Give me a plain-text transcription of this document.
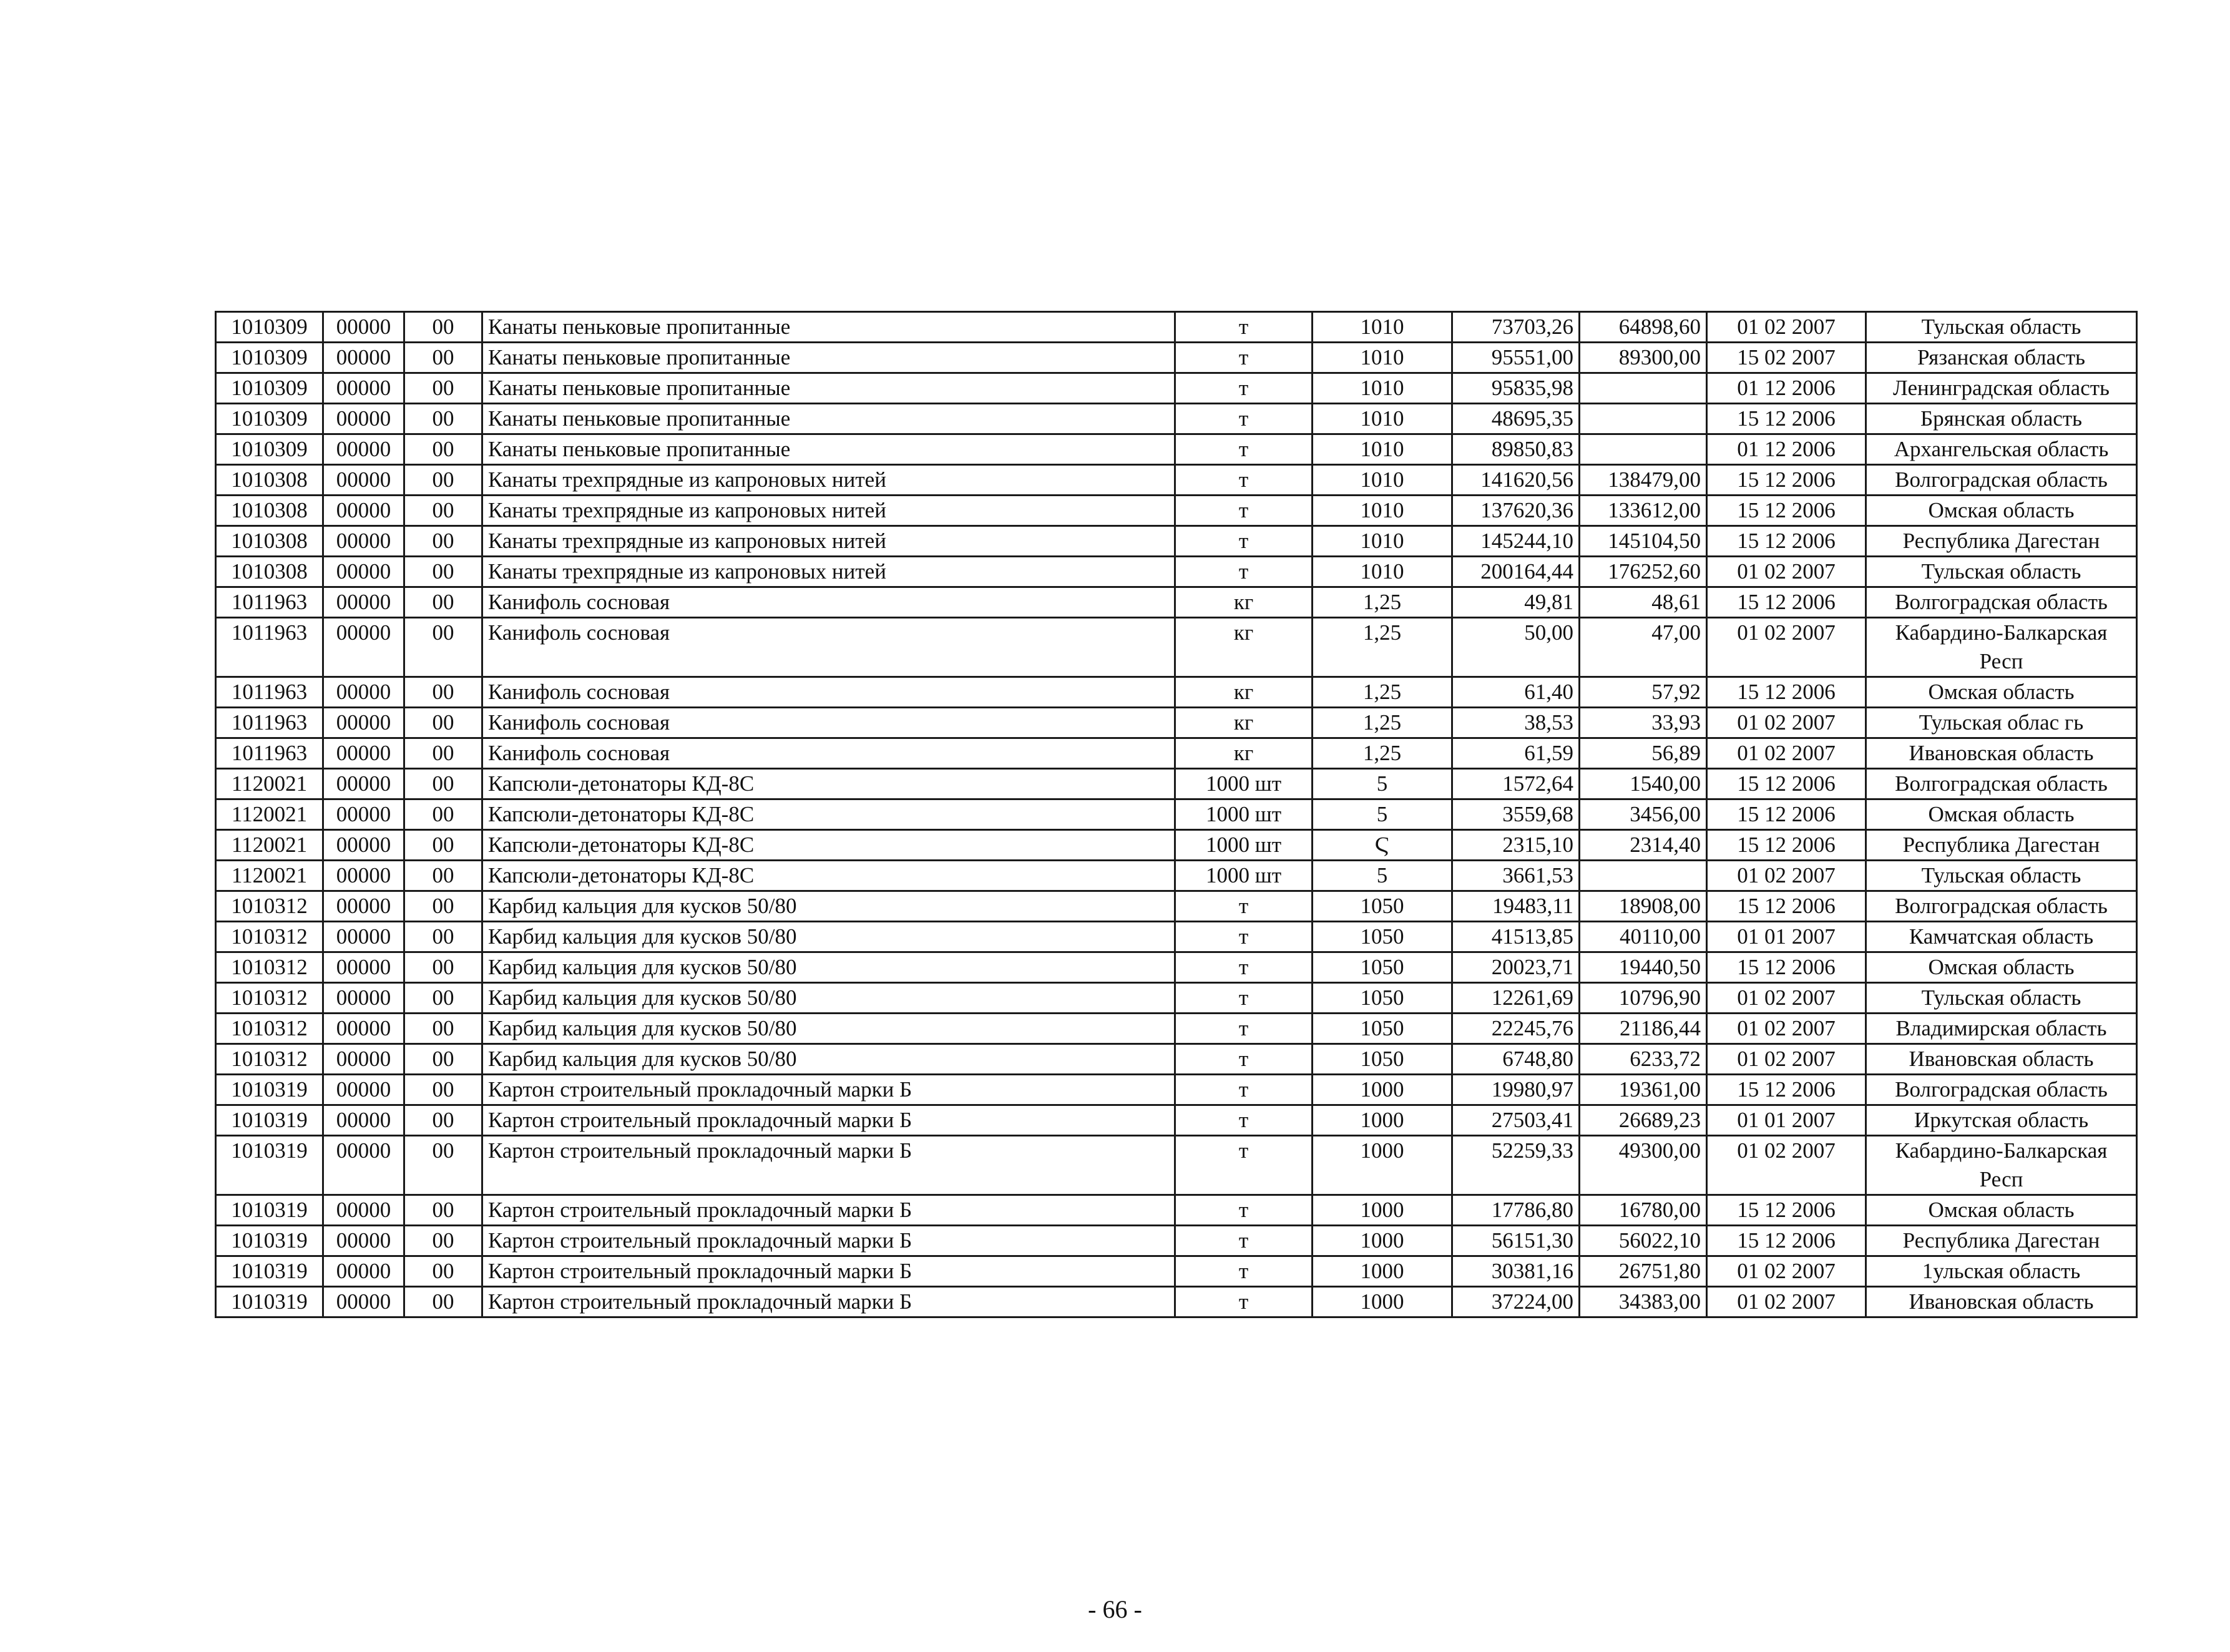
1010309	00000	00	Канаты пеньковые пропитанные	т	1010	73703,26	64898,60	01 02 2007	Тульская область
1010309	00000	00	Канаты пеньковые пропитанные	т	1010	95551,00	89300,00	15 02 2007	Рязанская область
1010309	00000	00	Канаты пеньковые пропитанные	т	1010	95835,98		01 12 2006	Ленинградская область
1010309	00000	00	Канаты пеньковые пропитанные	т	1010	48695,35		15 12 2006	Брянская область
1010309	00000	00	Канаты пеньковые пропитанные	т	1010	89850,83		01 12 2006	Архангельская область
1010308	00000	00	Канаты трехпрядные из капроновых нитей	т	1010	141620,56	138479,00	15 12 2006	Волгоградская область
1010308	00000	00	Канаты трехпрядные из капроновых нитей	т	1010	137620,36	133612,00	15 12 2006	Омская область
1010308	00000	00	Канаты трехпрядные из капроновых нитей	т	1010	145244,10	145104,50	15 12 2006	Республика Дагестан
1010308	00000	00	Канаты трехпрядные из капроновых нитей	т	1010	200164,44	176252,60	01 02 2007	Тульская область
1011963	00000	00	Канифоль сосновая	кг	1,25	49,81	48,61	15 12 2006	Волгоградская область
1011963	00000	00	Канифоль сосновая	кг	1,25	50,00	47,00	01 02 2007	Кабардино-Балкарская Респ
1011963	00000	00	Канифоль сосновая	кг	1,25	61,40	57,92	15 12 2006	Омская область
1011963	00000	00	Канифоль сосновая	кг	1,25	38,53	33,93	01 02 2007	Тульская облас гь
1011963	00000	00	Канифоль сосновая	кг	1,25	61,59	56,89	01 02 2007	Ивановская область
1120021	00000	00	Капсюли-детонаторы КД-8С	1000 шт	5	1572,64	1540,00	15 12 2006	Волгоградская область
1120021	00000	00	Капсюли-детонаторы КД-8С	1000 шт	5	3559,68	3456,00	15 12 2006	Омская область
1120021	00000	00	Капсюли-детонаторы КД-8С	1000 шт	Ϛ	2315,10	2314,40	15 12 2006	Республика Дагестан
1120021	00000	00	Капсюли-детонаторы КД-8С	1000 шт	5	3661,53		01 02 2007	Тульская область
1010312	00000	00	Карбид кальция для кусков 50/80	т	1050	19483,11	18908,00	15 12 2006	Волгоградская область
1010312	00000	00	Карбид кальция для кусков 50/80	т	1050	41513,85	40110,00	01 01 2007	Камчатская область
1010312	00000	00	Карбид кальция для кусков 50/80	т	1050	20023,71	19440,50	15 12 2006	Омская область
1010312	00000	00	Карбид кальция для кусков 50/80	т	1050	12261,69	10796,90	01 02 2007	Тульская область
1010312	00000	00	Карбид кальция для кусков 50/80	т	1050	22245,76	21186,44	01 02 2007	Владимирская область
1010312	00000	00	Карбид кальция для кусков 50/80	т	1050	6748,80	6233,72	01 02 2007	Ивановская область
1010319	00000	00	Картон строительный прокладочный марки Б	т	1000	19980,97	19361,00	15 12 2006	Волгоградская область
1010319	00000	00	Картон строительный прокладочный марки Б	т	1000	27503,41	26689,23	01 01 2007	Иркутская область
1010319	00000	00	Картон строительный прокладочный марки Б	т	1000	52259,33	49300,00	01 02 2007	Кабардино-Балкарская Респ
1010319	00000	00	Картон строительный прокладочный марки Б	т	1000	17786,80	16780,00	15 12 2006	Омская область
1010319	00000	00	Картон строительный прокладочный марки Б	т	1000	56151,30	56022,10	15 12 2006	Республика Дагестан
1010319	00000	00	Картон строительный прокладочный марки Б	т	1000	30381,16	26751,80	01 02 2007	1ульская область
1010319	00000	00	Картон строительный прокладочный марки Б	т	1000	37224,00	34383,00	01 02 2007	Ивановская область
- 66 -
